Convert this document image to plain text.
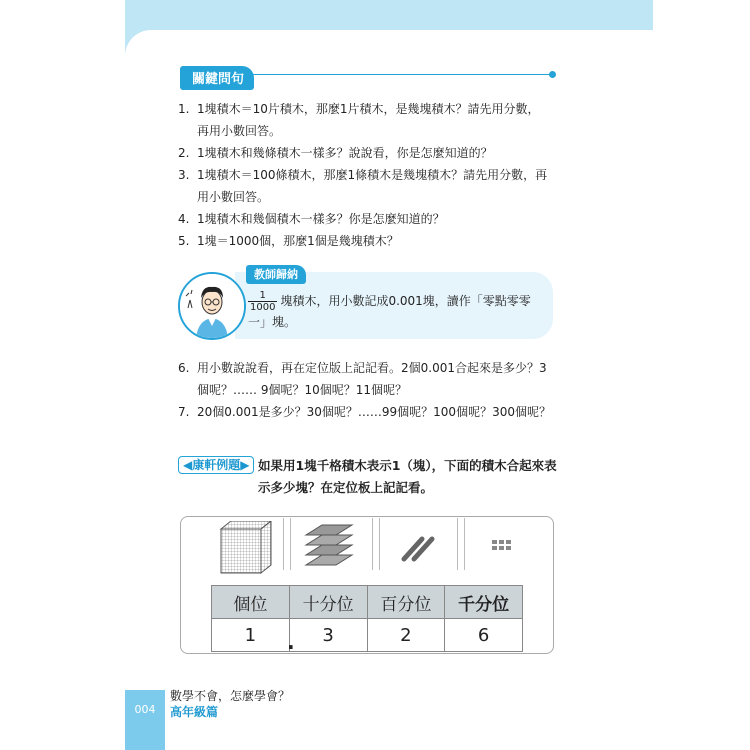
關鍵問句
1. 1塊積木＝10片積木，那麼1片積木，是幾塊積木？請先用分數，再用小數回答。
2. 1塊積木和幾條積木一樣多？說說看，你是怎麼知道的？
3. 1塊積木＝100條積木，那麼1條積木是幾塊積木？請先用分數，再用小數回答。
4. 1塊積木和幾個積木一樣多？你是怎麼知道的？
5. 1塊＝1000個，那麼1個是幾塊積木？
教師歸納
$\frac{1}{1000}$ 塊積木，用小數記成0.001塊，讀作「零點零零一」塊。
6. 用小數說說看，再在定位版上記記看。2個0.001合起來是多少？3個呢？…… 9個呢？10個呢？11個呢？
7. 20個0.001是多少？30個呢？……99個呢？100個呢？300個呢？
◀康軒例題▶ 如果用1塊千格積木表示1（塊），下面的積木合起來表示多少塊？在定位板上記記看。
個位	十分位	百分位	千分位
1	3	2	6
.
004
數學不會，怎麼學會？
高年級篇
